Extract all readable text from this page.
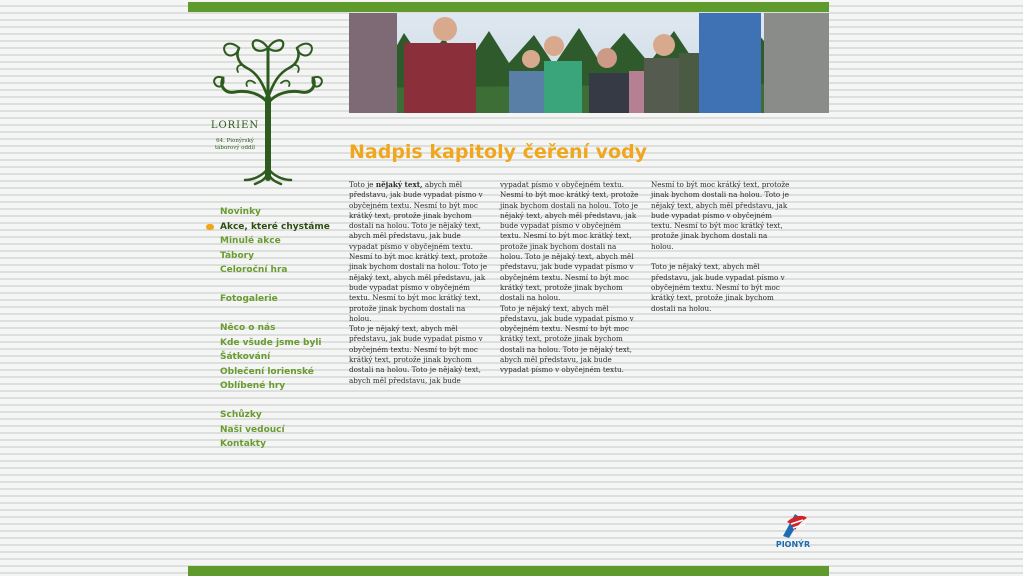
LORIEN
64. Pionýrský
táborový oddíl
Novinky
Akce, které chystáme
Minulé akce
Tábory
Celoroční hra
Fotogalerie
Něco o nás
Kde všude jsme byli
Šátkování
Oblečení lorienské
Oblíbené hry
Schůzky
Naši vedoucí
Kontakty
Nadpis kapitoly čeření vody

Toto je nějaký text, abych měl představu, jak bude vypadat písmo v obyčejném textu. Nesmí to být moc krátký text, protože jinak bychom dostali na holou. Toto je nějaký text, abych měl představu, jak bude vypadat písmo v obyčejném textu. Nesmí to být moc krátký text, protože jinak bychom dostali na holou. Toto je nějaký text, abych měl představu, jak bude vypadat písmo v obyčejném textu. Nesmí to být moc krátký text, protože jinak bychom dostali na holou.

Toto je nějaký text, abych měl představu, jak bude vypadat písmo v obyčejném textu. Nesmí to být moc krátký text, protože jinak bychom dostali na holou. Toto je nějaký text, abych měl představu, jak bude

vypadat písmo v obyčejném textu. Nesmí to být moc krátký text, protože jinak bychom dostali na holou. Toto je nějaký text, abych měl představu, jak bude vypadat písmo v obyčejném textu. Nesmí to být moc krátký text, protože jinak bychom dostali na holou. Toto je nějaký text, abych měl představu, jak bude vypadat písmo v obyčejném textu. Nesmí to být moc krátký text, protože jinak bychom dostali na holou.

Toto je nějaký text, abych měl představu, jak bude vypadat písmo v obyčejném textu. Nesmí to být moc krátký text, protože jinak bychom dostali na holou. Toto je nějaký text, abych měl představu, jak bude vypadat písmo v obyčejném textu.

Nesmí to být moc krátký text, protože jinak bychom dostali na holou. Toto je nějaký text, abych měl představu, jak bude vypadat písmo v obyčejném textu. Nesmí to být moc krátký text, protože jinak bychom dostali na holou.

Toto je nějaký text, abych měl představu, jak bude vypadat písmo v obyčejném textu. Nesmí to být moc krátký text, protože jinak bychom dostali na holou.

PIONÝR
